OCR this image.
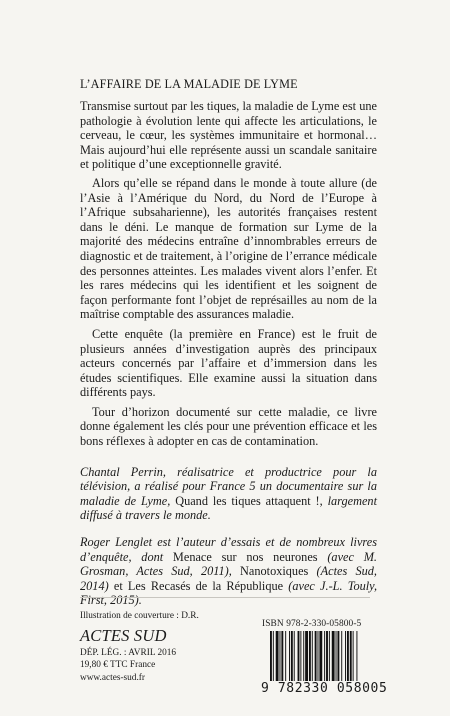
L’AFFAIRE DE LA MALADIE DE LYME

Transmise surtout par les tiques, la maladie de Lyme est une pathologie à évolution lente qui affecte les articulations, le cerveau, le cœur, les systèmes immunitaire et hormonal… Mais aujourd’hui elle représente aussi un scandale sanitaire et politique d’une exceptionnelle gravité.

Alors qu’elle se répand dans le monde à toute allure (de l’Asie à l’Amérique du Nord, du Nord de l’Europe à l’Afrique subsaharienne), les autorités françaises restent dans le déni. Le manque de formation sur Lyme de la majorité des médecins entraîne d’innombrables erreurs de diagnostic et de traitement, à l’origine de l’errance médicale des personnes atteintes. Les malades vivent alors l’enfer. Et les rares médecins qui les identifient et les soignent de façon performante font l’objet de représailles au nom de la maîtrise comptable des assurances maladie.

Cette enquête (la première en France) est le fruit de plusieurs années d’investigation auprès des principaux acteurs concernés par l’affaire et d’immersion dans les études scientifiques. Elle examine aussi la situation dans différents pays.

Tour d’horizon documenté sur cette maladie, ce livre donne également les clés pour une prévention efficace et les bons réflexes à adopter en cas de contamination.

Chantal Perrin, réalisatrice et productrice pour la télévision, a réalisé pour France 5 un documentaire sur la maladie de Lyme, Quand les tiques attaquent !, largement diffusé à travers le monde.

Roger Lenglet est l’auteur d’essais et de nombreux livres d’enquête, dont Menace sur nos neurones (avec M. Grosman, Actes Sud, 2011), Nanotoxiques (Actes Sud, 2014) et Les Recasés de la République (avec J.-L. Touly, First, 2015).

Illustration de couverture : D.R.
ISBN 978-2-330-05800-5
ACTES SUD
DÉP. LÉG. : AVRIL 2016
19,80 € TTC France
www.actes-sud.fr
9 782330 058005
